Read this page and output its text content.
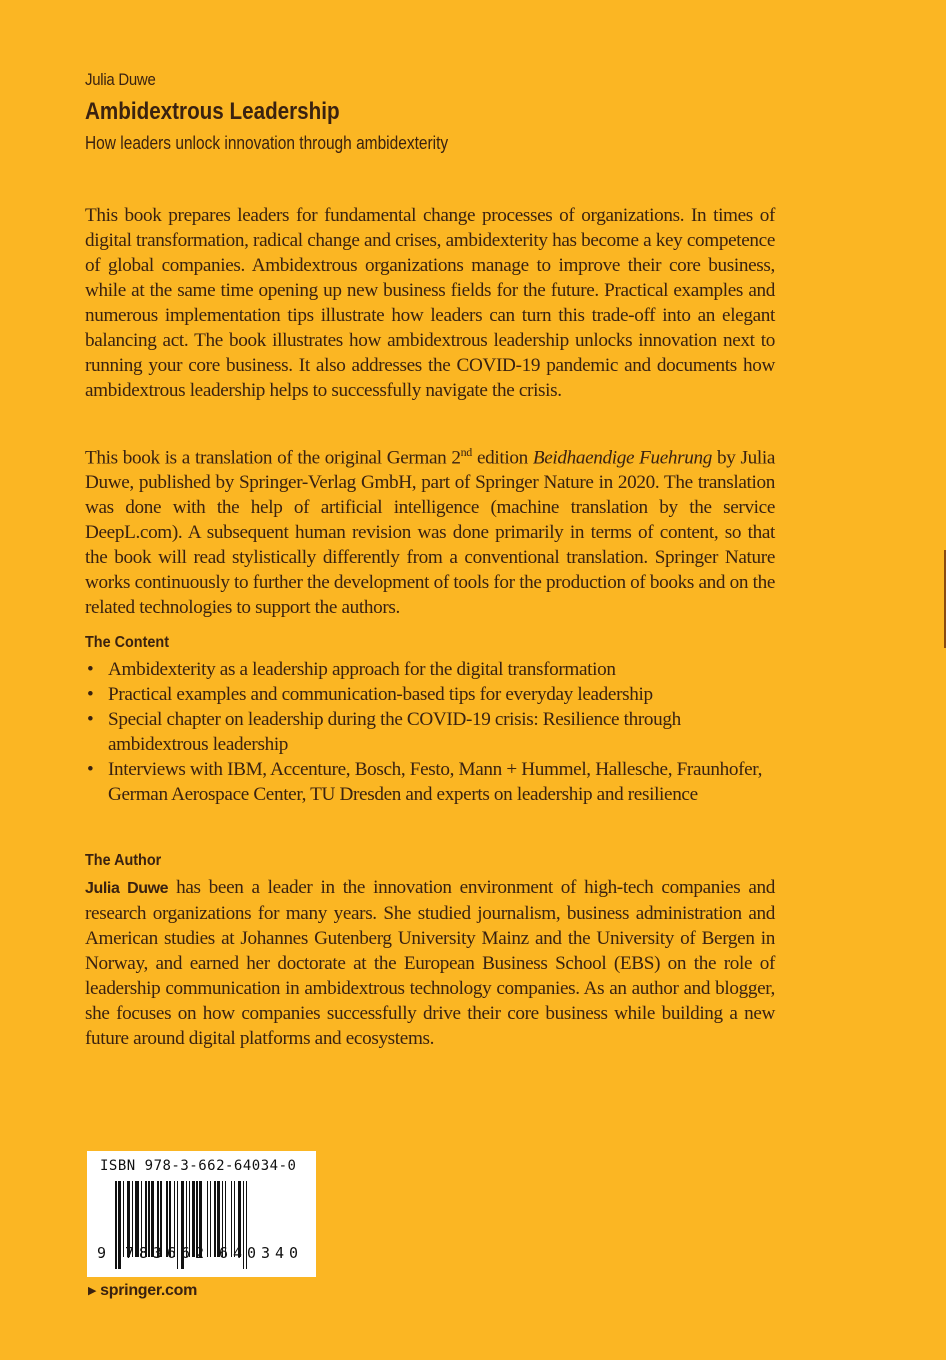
Julia Duwe
Ambidextrous Leadership
How leaders unlock innovation through ambidexterity
This book prepares leaders for fundamental change processes of organizations. In times of digital transformation, radical change and crises, ambidexterity has become a key competence of global companies. Ambidextrous organizations manage to improve their core business, while at the same time opening up new business fields for the future. Practical examples and numerous implementation tips illustrate how leaders can turn this trade-off into an elegant balancing act. The book illustrates how ambidextrous leadership unlocks innovation next to running your core business. It also addresses the COVID-19 pandemic and documents how ambidextrous leadership helps to successfully navigate the crisis.
This book is a translation of the original German 2nd edition Beidhaendige Fuehrung by Julia Duwe, published by Springer-Verlag GmbH, part of Springer Nature in 2020. The translation was done with the help of artificial intelligence (machine translation by the service DeepL.com). A subsequent human revision was done primarily in terms of content, so that the book will read stylistically differently from a conventional translation. Springer Nature works continuously to further the development of tools for the production of books and on the related technologies to support the authors.
The Content
• Ambidexterity as a leadership approach for the digital transformation
• Practical examples and communication-based tips for everyday leadership
• Special chapter on leadership during the COVID-19 crisis: Resilience through ambidextrous leadership
• Interviews with IBM, Accenture, Bosch, Festo, Mann + Hummel, Hallesche, Fraunhofer, German Aerospace Center, TU Dresden and experts on leadership and resilience
The Author
Julia Duwe has been a leader in the innovation environment of high-tech companies and research organizations for many years. She studied journalism, business administration and American studies at Johannes Gutenberg University Mainz and the University of Bergen in Norway, and earned her doctorate at the European Business School (EBS) on the role of leadership communication in ambidextrous technology companies. As an author and blogger, she focuses on how companies successfully drive their core business while building a new future around digital platforms and ecosystems.
ISBN 978-3-662-64034-0
9 7 8 3 6 6 2 6 4 0 3 4 0
▶ springer.com
